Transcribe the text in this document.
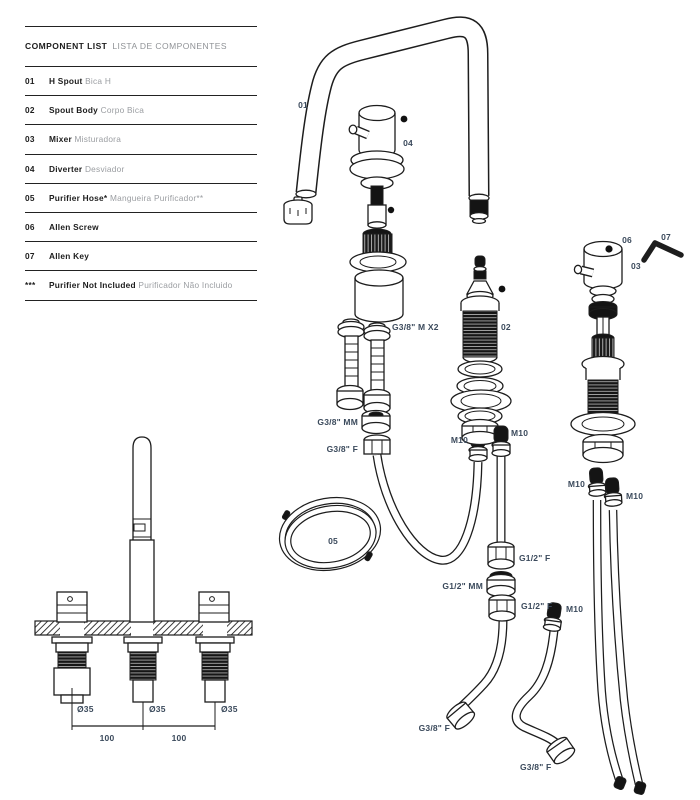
COMPONENT LIST LISTA DE COMPONENTES
01	H Spout Bica H
02	Spout Body Corpo Bica
03	Mixer Misturadora
04	Diverter Desviador
05	Purifier Hose* Mangueira Purificador**
06	Allen Screw
07	Allen Key
***	Purifier Not Included Purificador Não Incluido
01
04
G3/8" M X2
G3/8" MM
G3/8" F
M10
M10
02
05
G1/2" F
G1/2" MM
G1/2" F M10
G3/8" F
G3/8" F
06	07
03
M10
M10
Ø35	Ø35	Ø35
100	100
